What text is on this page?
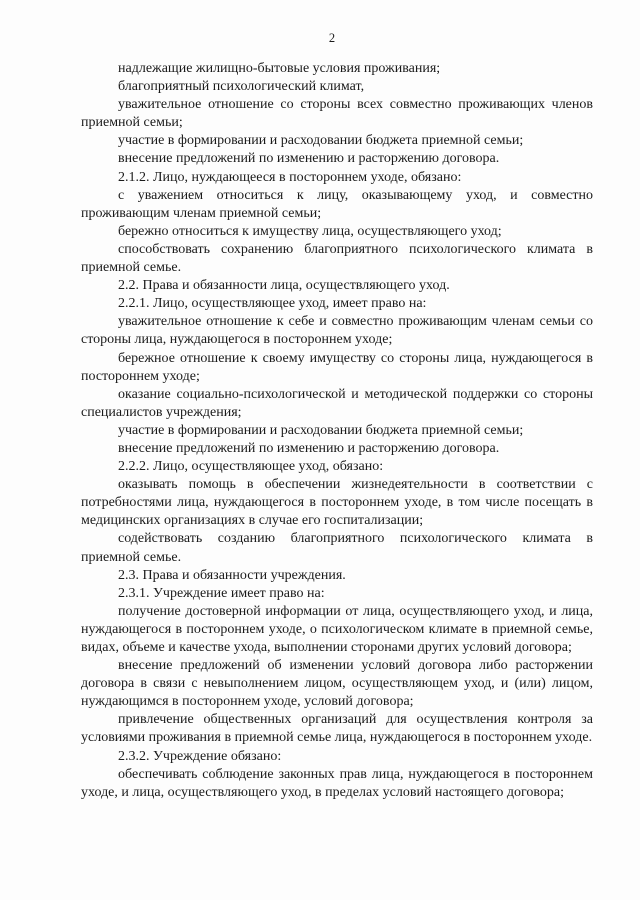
2

надлежащие жилищно-бытовые условия проживания;

благоприятный психологический климат,

уважительное отношение со стороны всех совместно проживающих членов приемной семьи;

участие в формировании и расходовании бюджета приемной семьи;

внесение предложений по изменению и расторжению договора.

2.1.2. Лицо, нуждающееся в постороннем уходе, обязано:

с уважением относиться к лицу, оказывающему уход, и совместно проживающим членам приемной семьи;

бережно относиться к имуществу лица, осуществляющего уход;

способствовать сохранению благоприятного психологического климата в приемной семье.

2.2. Права и обязанности лица, осуществляющего уход.

2.2.1. Лицо, осуществляющее уход, имеет право на:

уважительное отношение к себе и совместно проживающим членам семьи со стороны лица, нуждающегося в постороннем уходе;

бережное отношение к своему имуществу со стороны лица, нуждающегося в постороннем уходе;

оказание социально-психологической и методической поддержки со стороны специалистов учреждения;

участие в формировании и расходовании бюджета приемной семьи;

внесение предложений по изменению и расторжению договора.

2.2.2. Лицо, осуществляющее уход, обязано:

оказывать помощь в обеспечении жизнедеятельности в соответствии с потребностями лица, нуждающегося в постороннем уходе, в том числе посещать в медицинских организациях в случае его госпитализации;

содействовать созданию благоприятного психологического климата в приемной семье.

2.3. Права и обязанности учреждения.

2.3.1. Учреждение имеет право на:

получение достоверной информации от лица, осуществляющего уход, и лица, нуждающегося в постороннем уходе, о психологическом климате в приемной семье, видах, объеме и качестве ухода, выполнении сторонами других условий договора;

внесение предложений об изменении условий договора либо расторжении договора в связи с невыполнением лицом, осуществляющем уход, и (или) лицом, нуждающимся в постороннем уходе, условий договора;

привлечение общественных организаций для осуществления контроля за условиями проживания в приемной семье лица, нуждающегося в постороннем уходе.

2.3.2. Учреждение обязано:

обеспечивать соблюдение законных прав лица, нуждающегося в постороннем уходе, и лица, осуществляющего уход, в пределах условий настоящего договора;
